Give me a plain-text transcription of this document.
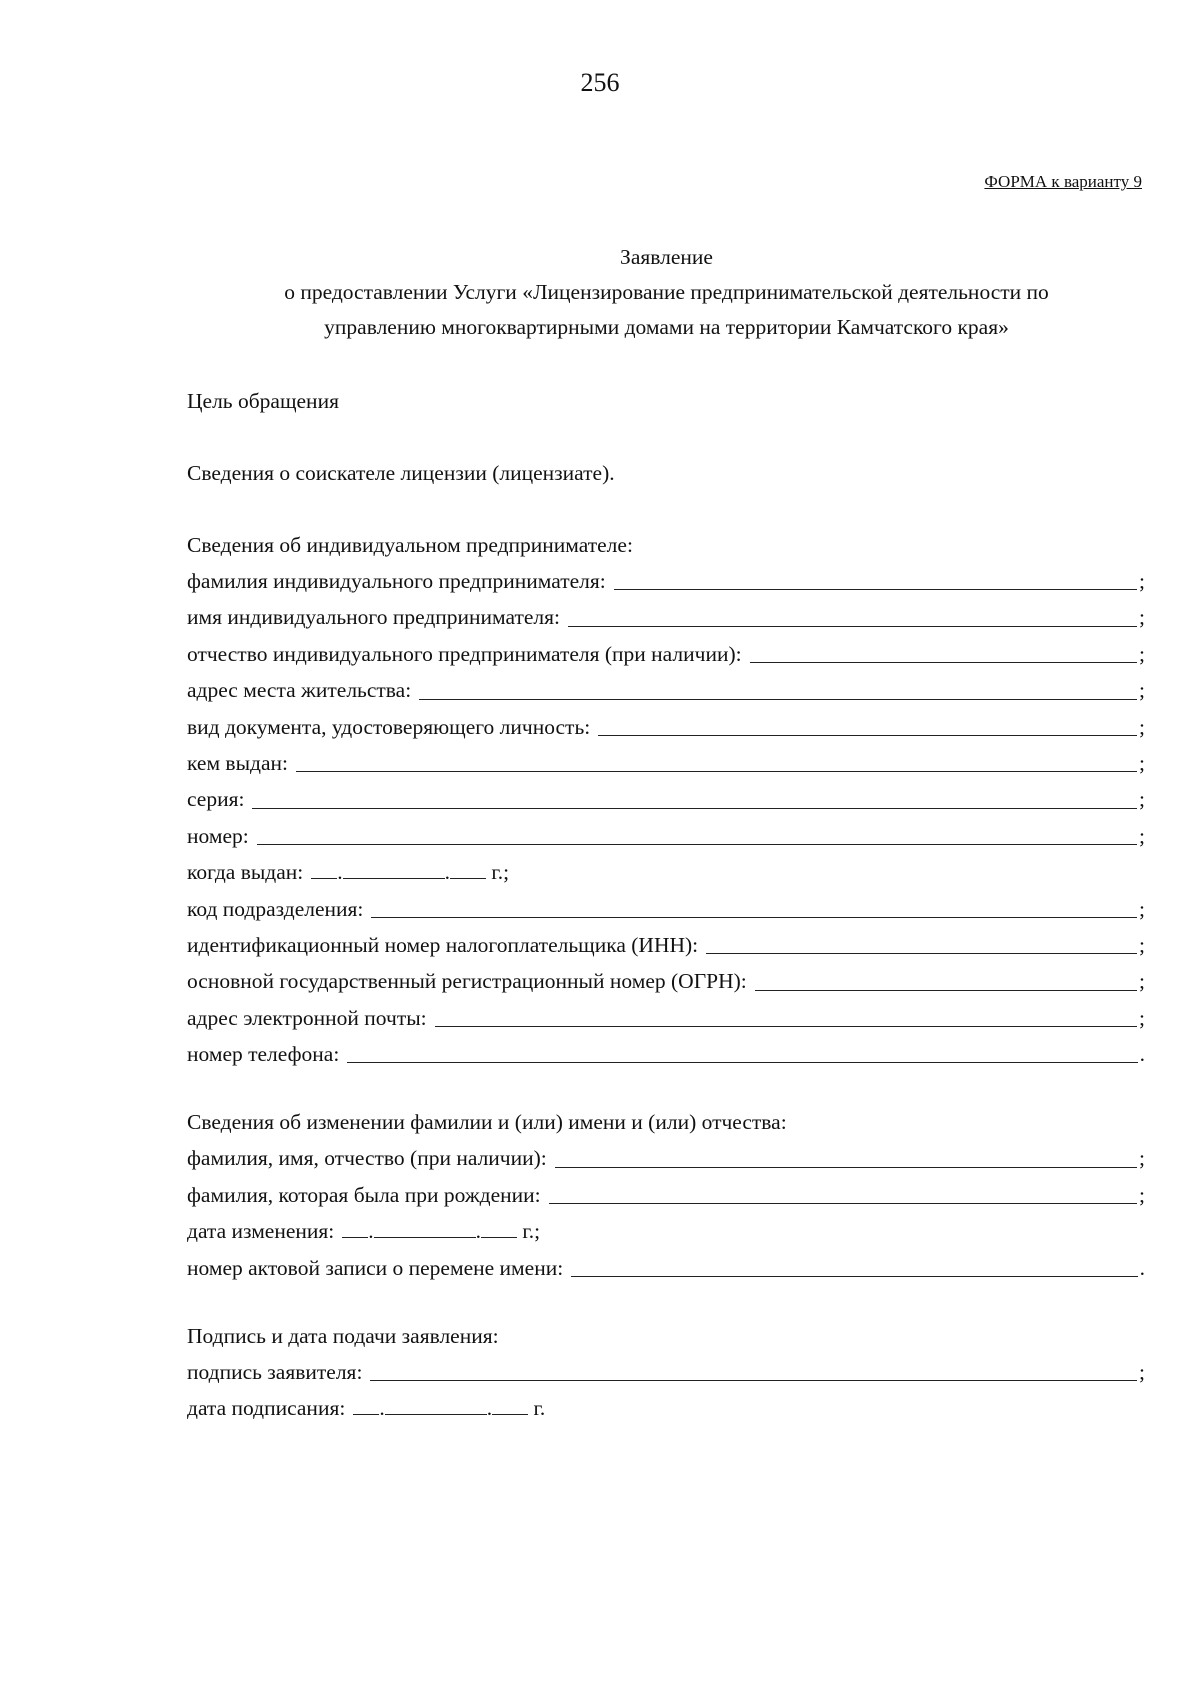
256
ФОРМА к варианту 9
Заявление
о предоставлении Услуги «Лицензирование предпринимательской деятельности по
управлению многоквартирными домами на территории Камчатского края»
Цель обращения
Сведения о соискателе лицензии (лицензиате).
Сведения об индивидуальном предпринимателе:
фамилия индивидуального предпринимателя:	;
имя индивидуального предпринимателя:	;
отчество индивидуального предпринимателя (при наличии):	;
адрес места жительства:	;
вид документа, удостоверяющего личность:	;
кем выдан:	;
серия:	;
номер:	;
когда выдан: .	. г.;
код подразделения:	;
идентификационный номер налогоплательщика (ИНН):	;
основной государственный регистрационный номер (ОГРН):	;
адрес электронной почты:	;
номер телефона:	.
Сведения об изменении фамилии и (или) имени и (или) отчества:
фамилия, имя, отчество (при наличии):	;
фамилия, которая была при рождении:	;
дата изменения: .	. г.;
номер актовой записи о перемене имени:	.
Подпись и дата подачи заявления:
подпись заявителя:	;
дата подписания: .	. г.
